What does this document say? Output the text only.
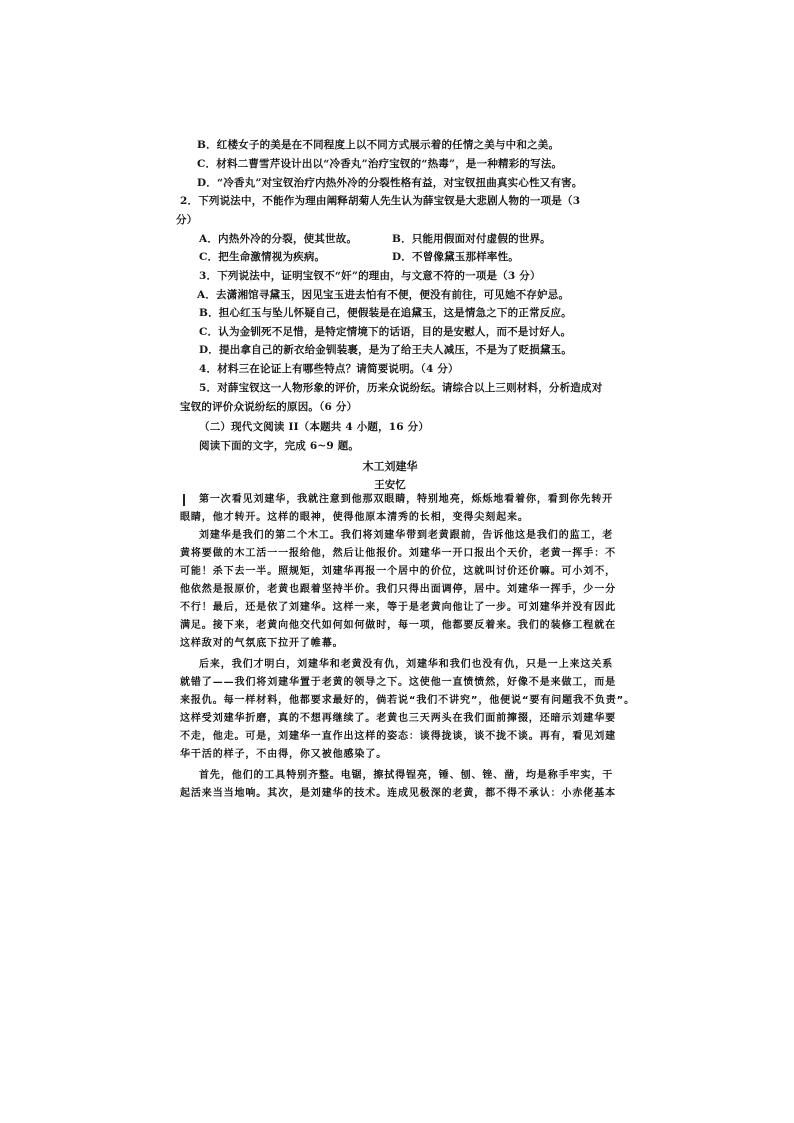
B．红楼女子的美是在不同程度上以不同方式展示着的任情之美与中和之美。
C．材料二曹雪芹设计出以“冷香丸”治疗宝钗的“热毒”，是一种精彩的写法。
D．“冷香丸”对宝钗治疗内热外冷的分裂性格有益，对宝钗扭曲真实心性又有害。
2．下列说法中，不能作为理由阐释胡菊人先生认为薛宝钗是大悲剧人物的一项是（3
分）
A．内热外冷的分裂，使其世故。	B．只能用假面对付虚假的世界。
C．把生命激情视为疾病。	D．不曾像黛玉那样率性。
3．下列说法中，证明宝钗不“奸”的理由，与文意不符的一项是（3 分）
A．去潇湘馆寻黛玉，因见宝玉进去怕有不便，便没有前往，可见她不存妒忌。
B．担心红玉与坠儿怀疑自己，便假装是在追黛玉，这是情急之下的正常反应。
C．认为金钏死不足惜，是特定情境下的话语，目的是安慰人，而不是讨好人。
D．提出拿自己的新衣给金钏装裹，是为了给王夫人减压，不是为了贬损黛玉。
4．材料三在论证上有哪些特点？请简要说明。（4 分）
5．对薛宝钗这一人物形象的评价，历来众说纷纭。请综合以上三则材料，分析造成对
宝钗的评价众说纷纭的原因。（6 分）
（二）现代文阅读 II（本题共 4 小题，16 分）
阅读下面的文字，完成 6~9 题。
木工刘建华
王安忆
第一次看见刘建华，我就注意到他那双眼睛，特别地亮，烁烁地看着你，看到你先转开
眼睛，他才转开。这样的眼神，使得他原本清秀的长相，变得尖刻起来。
刘建华是我们的第二个木工。我们将刘建华带到老黄跟前，告诉他这是我们的监工，老
黄将要做的木工活一一报给他，然后让他报价。刘建华一开口报出个天价，老黄一挥手：不
可能！杀下去一半。照规矩，刘建华再报一个居中的价位，这就叫讨价还价嘛。可小刘不，
他依然是报原价，老黄也跟着坚持半价。我们只得出面调停，居中。刘建华一挥手，少一分
不行！最后，还是依了刘建华。这样一来，等于是老黄向他让了一步。可刘建华并没有因此
满足。接下来，老黄向他交代如何如何做时，每一项，他都要反着来。我们的装修工程就在
这样敌对的气氛底下拉开了帷幕。
后来，我们才明白，刘建华和老黄没有仇，刘建华和我们也没有仇，只是一上来这关系
就错了——我们将刘建华置于老黄的领导之下。这使他一直愤愤然，好像不是来做工，而是
来报仇。每一样材料，他都要求最好的，倘若说“我们不讲究”，他便说“要有问题我不负责”。
这样受刘建华折磨，真的不想再继续了。老黄也三天两头在我们面前撺掇，还暗示刘建华要
不走，他走。可是，刘建华一直作出这样的姿态：谈得拢谈，谈不拢不谈。再有，看见刘建
华干活的样子，不由得，你又被他感染了。
首先，他们的工具特别齐整。电锯，擦拭得锃亮，锤、刨、锉、凿，均是称手牢实，干
起活来当当地响。其次，是刘建华的技术。连成见极深的老黄，都不得不承认：小赤佬基本
